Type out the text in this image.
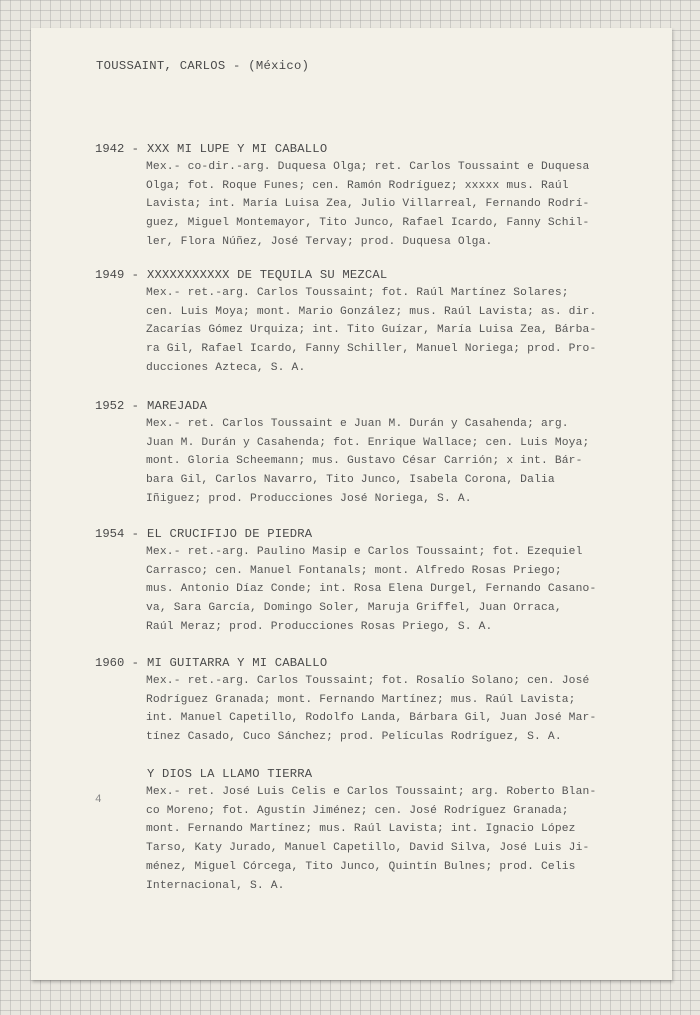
TOUSSAINT, CARLOS - (México)
1942 - XXX MI LUPE Y MI CABALLO
Mex.- co-dir.-arg. Duquesa Olga; ret. Carlos Toussaint e Duquesa
Olga; fot. Roque Funes; cen. Ramón Rodríguez; xxxxx mus. Raúl
Lavista; int. María Luisa Zea, Julio Villarreal, Fernando Rodrí-
guez, Miguel Montemayor, Tito Junco, Rafael Icardo, Fanny Schil-
ler, Flora Núñez, José Tervay; prod. Duquesa Olga.
1949 - XXXXXXXXXXX DE TEQUILA SU MEZCAL
Mex.- ret.-arg. Carlos Toussaint; fot. Raúl Martínez Solares;
cen. Luis Moya; mont. Mario González; mus. Raúl Lavista; as. dir.
Zacarías Gómez Urquiza; int. Tito Guízar, María Luisa Zea, Bárba-
ra Gil, Rafael Icardo, Fanny Schiller, Manuel Noriega; prod. Pro-
ducciones Azteca, S. A.
1952 - MAREJADA
Mex.- ret. Carlos Toussaint e Juan M. Durán y Casahenda; arg.
Juan M. Durán y Casahenda; fot. Enrique Wallace; cen. Luis Moya;
mont. Gloria Scheemann; mus. Gustavo César Carrión; x int. Bár-
bara Gil, Carlos Navarro, Tito Junco, Isabela Corona, Dalia
Iñiguez; prod. Producciones José Noriega, S. A.
1954 - EL CRUCIFIJO DE PIEDRA
Mex.- ret.-arg. Paulino Masip e Carlos Toussaint; fot. Ezequiel
Carrasco; cen. Manuel Fontanals; mont. Alfredo Rosas Priego;
mus. Antonio Díaz Conde; int. Rosa Elena Durgel, Fernando Casano-
va, Sara García, Domingo Soler, Maruja Griffel, Juan Orraca,
Raúl Meraz; prod. Producciones Rosas Priego, S. A.
1960 - MI GUITARRA Y MI CABALLO
Mex.- ret.-arg. Carlos Toussaint; fot. Rosalío Solano; cen. José
Rodríguez Granada; mont. Fernando Martínez; mus. Raúl Lavista;
int. Manuel Capetillo, Rodolfo Landa, Bárbara Gil, Juan José Mar-
tínez Casado, Cuco Sánchez; prod. Películas Rodríguez, S. A.
Y DIOS LA LLAMO TIERRA
Mex.- ret. José Luis Celis e Carlos Toussaint; arg. Roberto Blan-
co Moreno; fot. Agustín Jiménez; cen. José Rodríguez Granada;
mont. Fernando Martínez; mus. Raúl Lavista; int. Ignacio López
Tarso, Katy Jurado, Manuel Capetillo, David Silva, José Luis Ji-
ménez, Miguel Córcega, Tito Junco, Quintín Bulnes; prod. Celis
Internacional, S. A.
4
